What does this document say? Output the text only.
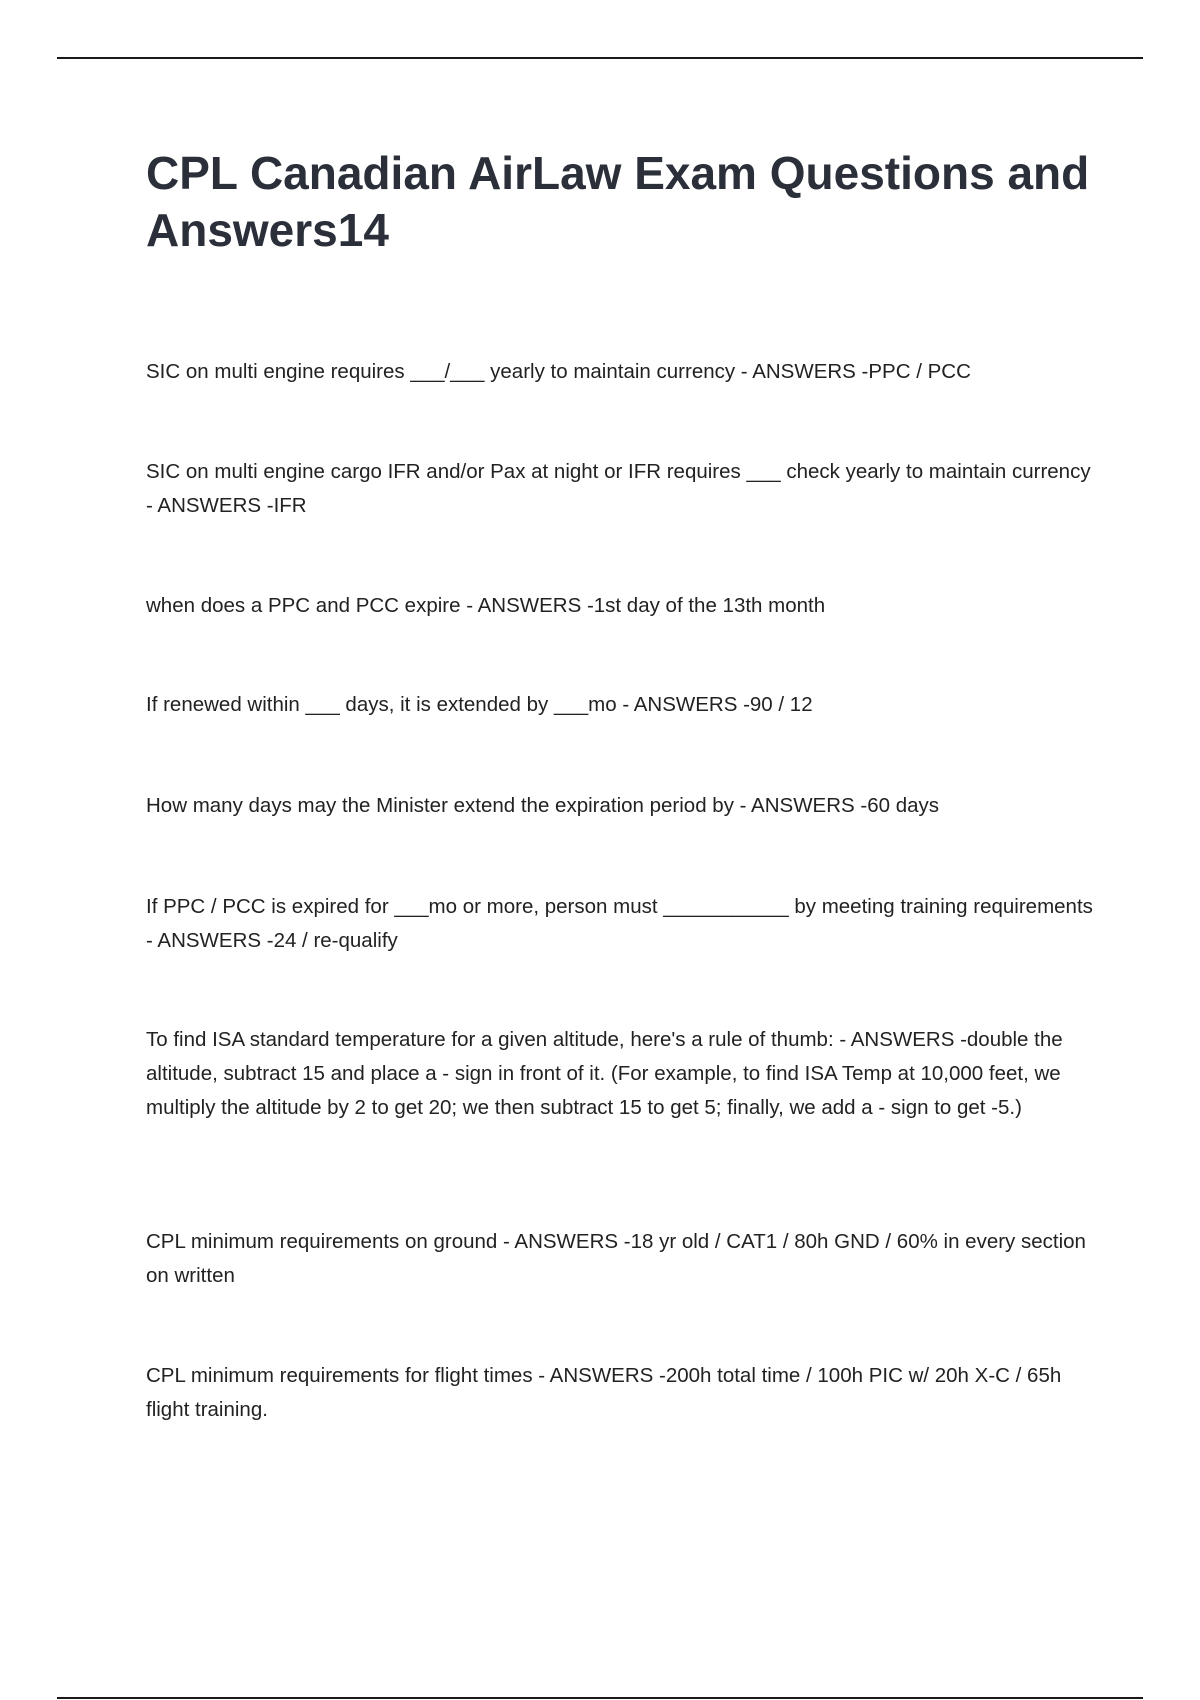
CPL Canadian AirLaw Exam Questions and Answers14

SIC on multi engine requires ___/___ yearly to maintain currency - ANSWERS -PPC / PCC

SIC on multi engine cargo IFR and/or Pax at night or IFR requires ___ check yearly to maintain currency - ANSWERS -IFR

when does a PPC and PCC expire - ANSWERS -1st day of the 13th month

If renewed within ___ days, it is extended by ___mo - ANSWERS -90 / 12

How many days may the Minister extend the expiration period by - ANSWERS -60 days

If PPC / PCC is expired for ___mo or more, person must ___________ by meeting training requirements - ANSWERS -24 / re-qualify

To find ISA standard temperature for a given altitude, here's a rule of thumb: - ANSWERS -double the altitude, subtract 15 and place a - sign in front of it. (For example, to find ISA Temp at 10,000 feet, we multiply the altitude by 2 to get 20; we then subtract 15 to get 5; finally, we add a - sign to get -5.)

CPL minimum requirements on ground - ANSWERS -18 yr old / CAT1 / 80h GND / 60% in every section on written

CPL minimum requirements for flight times - ANSWERS -200h total time / 100h PIC w/ 20h X-C / 65h flight training.
